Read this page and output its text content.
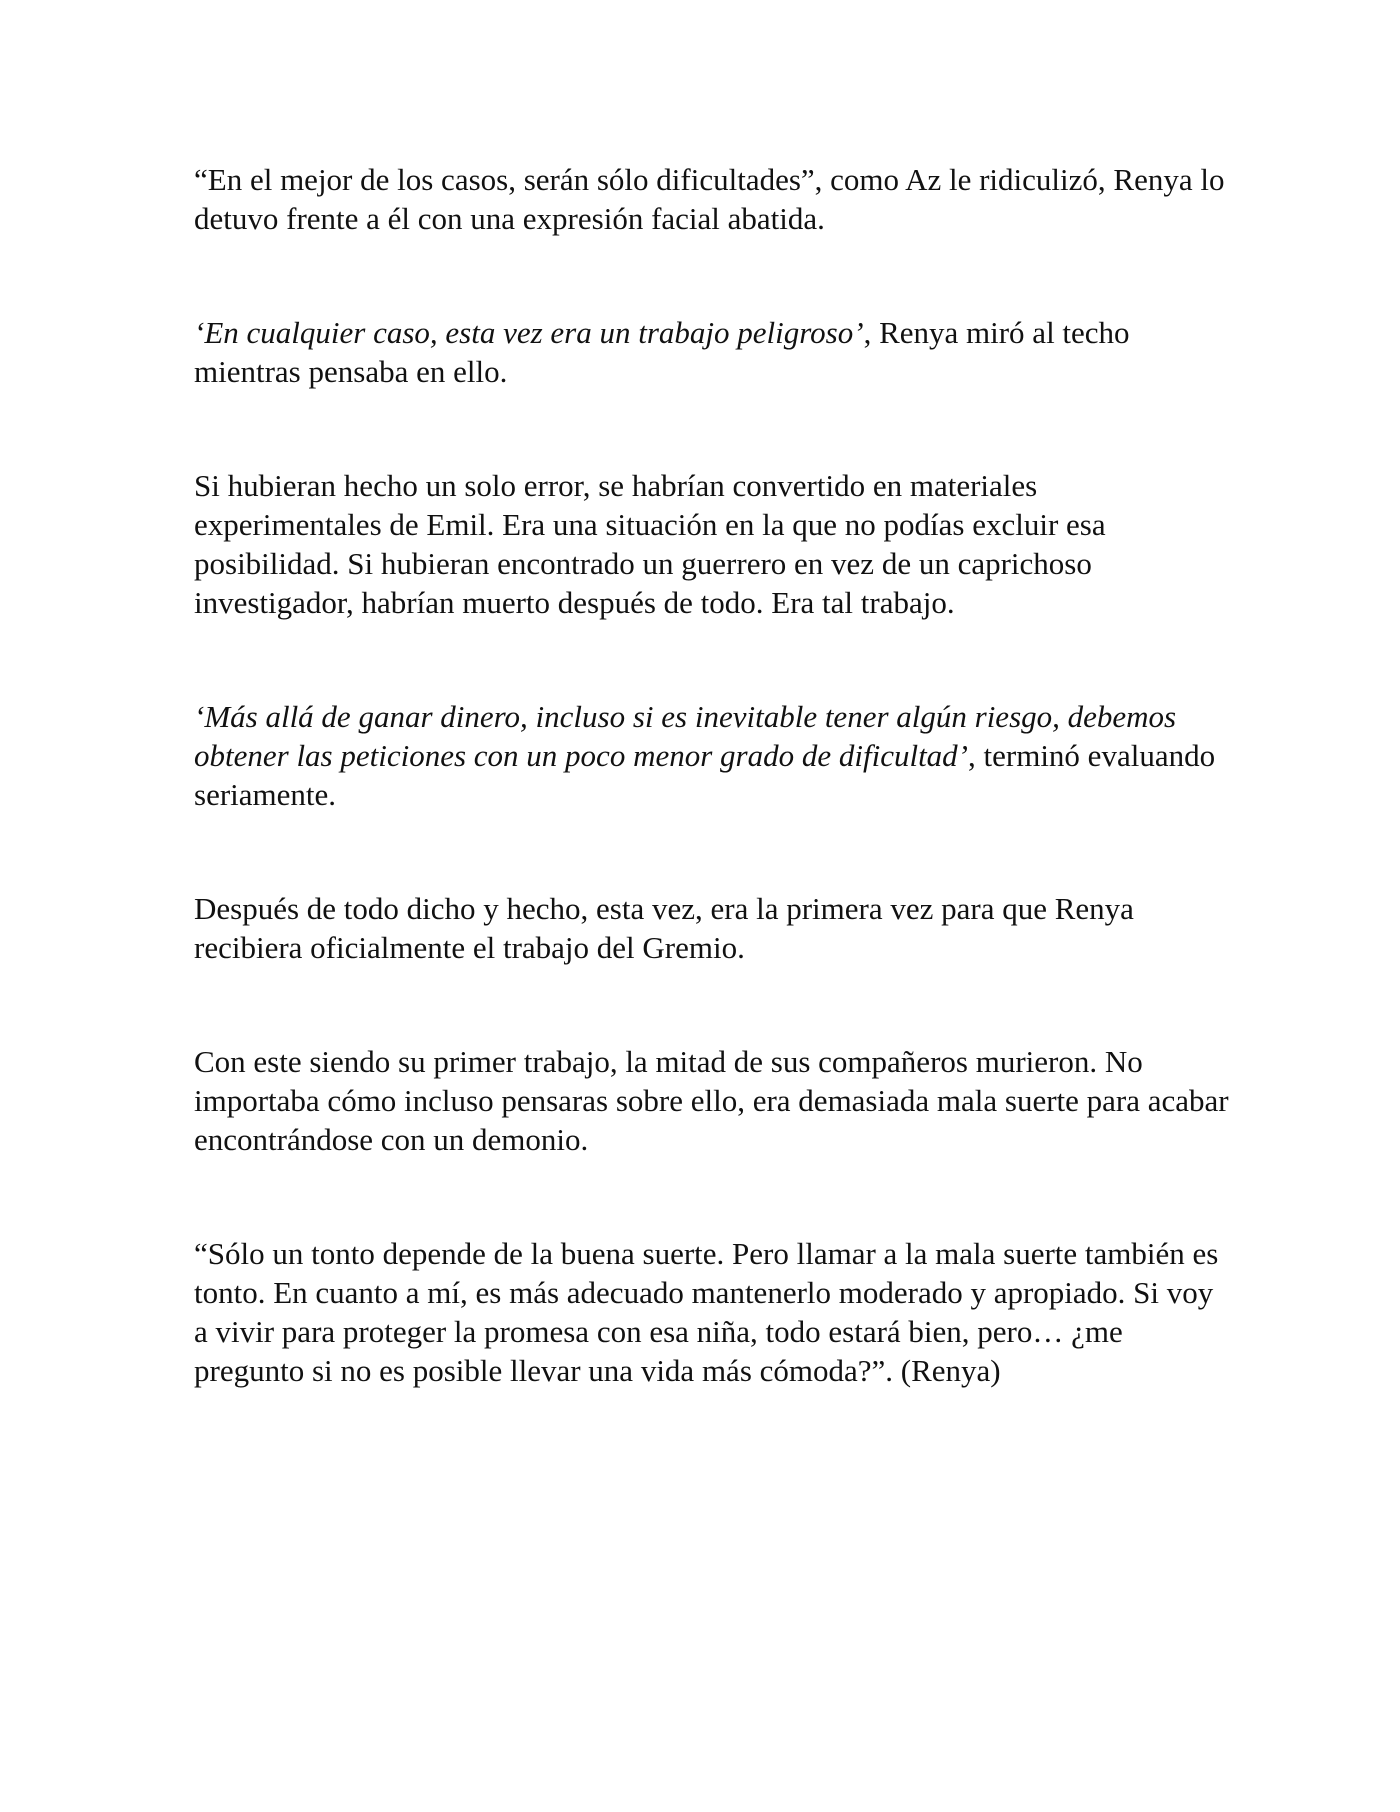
“En el mejor de los casos, serán sólo dificultades”, como Az le ridiculizó, Renya lo detuvo frente a él con una expresión facial abatida.

‘En cualquier caso, esta vez era un trabajo peligroso’, Renya miró al techo mientras pensaba en ello.

Si hubieran hecho un solo error, se habrían convertido en materiales experimentales de Emil. Era una situación en la que no podías excluir esa posibilidad. Si hubieran encontrado un guerrero en vez de un caprichoso investigador, habrían muerto después de todo. Era tal trabajo.

‘Más allá de ganar dinero, incluso si es inevitable tener algún riesgo, debemos obtener las peticiones con un poco menor grado de dificultad’, terminó evaluando seriamente.

Después de todo dicho y hecho, esta vez, era la primera vez para que Renya recibiera oficialmente el trabajo del Gremio.

Con este siendo su primer trabajo, la mitad de sus compañeros murieron. No importaba cómo incluso pensaras sobre ello, era demasiada mala suerte para acabar encontrándose con un demonio.

“Sólo un tonto depende de la buena suerte. Pero llamar a la mala suerte también es tonto. En cuanto a mí, es más adecuado mantenerlo moderado y apropiado. Si voy a vivir para proteger la promesa con esa niña, todo estará bien, pero… ¿me pregunto si no es posible llevar una vida más cómoda?”. (Renya)
